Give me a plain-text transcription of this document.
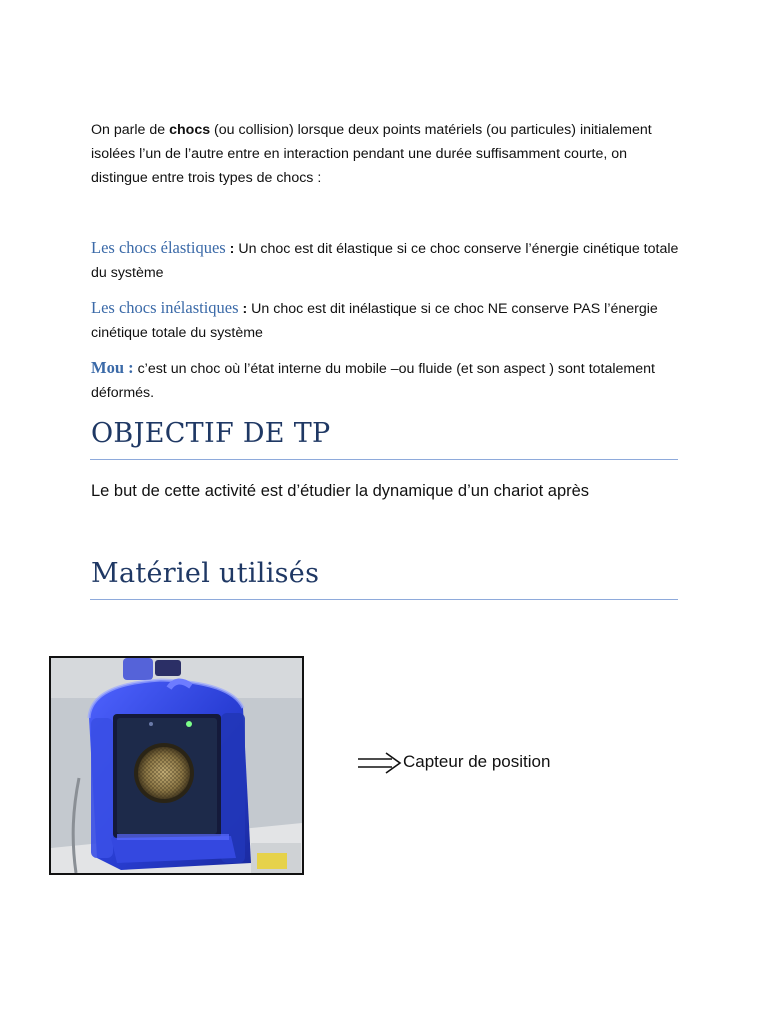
On parle de chocs (ou collision) lorsque deux points matériels (ou particules) initialement isolées l’un de l’autre entre en interaction pendant une durée suffisamment courte, on distingue entre trois types de chocs :

Les chocs élastiques : Un choc est dit élastique si ce choc conserve l’énergie cinétique totale du système

Les chocs inélastiques : Un choc est dit inélastique si ce choc NE conserve PAS l’énergie cinétique totale du système

Mou : c’est un choc où l’état interne du mobile –ou fluide (et son aspect ) sont totalement déformés.

OBJECTIF DE TP

Le but de cette activité est d’étudier la dynamique d’un chariot après

Matériel utilisés
Capteur de position
